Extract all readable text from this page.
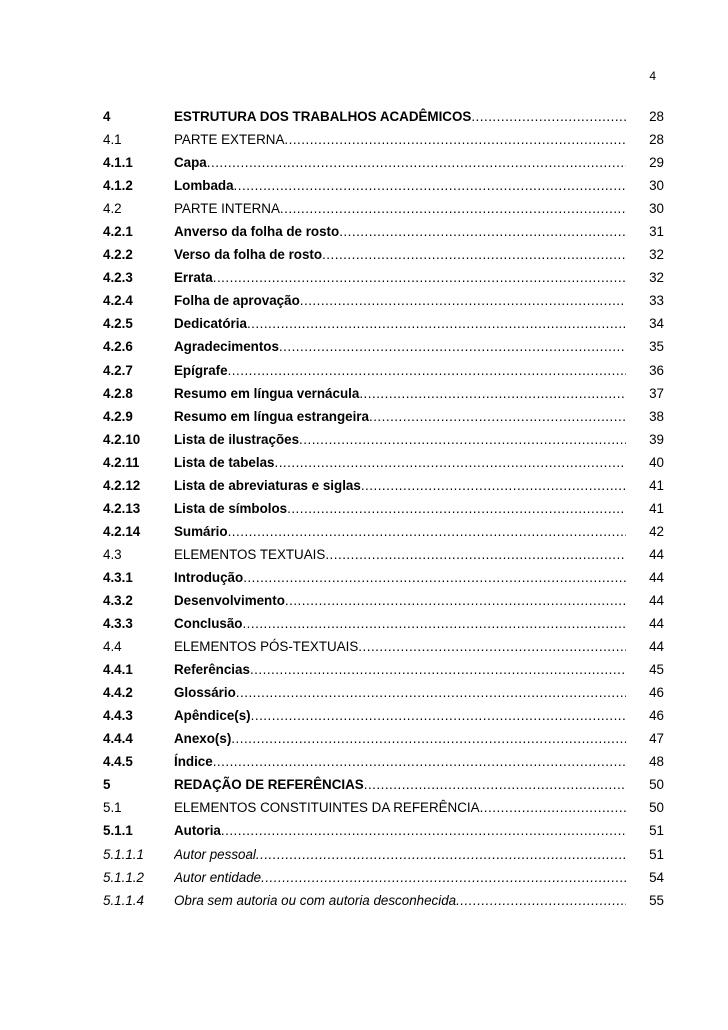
4
4	ESTRUTURA DOS TRABALHOS ACADÊMICOS .....	28
4.1	PARTE EXTERNA .....	28
4.1.1	Capa .....	29
4.1.2	Lombada .....	30
4.2	PARTE INTERNA .....	30
4.2.1	Anverso da folha de rosto .....	31
4.2.2	Verso da folha de rosto .....	32
4.2.3	Errata .....	32
4.2.4	Folha de aprovação .....	33
4.2.5	Dedicatória .....	34
4.2.6	Agradecimentos .....	35
4.2.7	Epígrafe .....	36
4.2.8	Resumo em língua vernácula .....	37
4.2.9	Resumo em língua estrangeira .....	38
4.2.10	Lista de ilustrações .....	39
4.2.11	Lista de tabelas .....	40
4.2.12	Lista de abreviaturas e siglas .....	41
4.2.13	Lista de símbolos .....	41
4.2.14	Sumário .....	42
4.3	ELEMENTOS TEXTUAIS .....	44
4.3.1	Introdução .....	44
4.3.2	Desenvolvimento .....	44
4.3.3	Conclusão .....	44
4.4	ELEMENTOS PÓS-TEXTUAIS .....	44
4.4.1	Referências .....	45
4.4.2	Glossário .....	46
4.4.3	Apêndice(s) .....	46
4.4.4	Anexo(s) .....	47
4.4.5	Índice .....	48
5	REDAÇÃO DE REFERÊNCIAS .....	50
5.1	ELEMENTOS CONSTITUINTES DA REFERÊNCIA .....	50
5.1.1	Autoria .....	51
5.1.1.1	Autor pessoal .....	51
5.1.1.2	Autor entidade .....	54
5.1.1.4	Obra sem autoria ou com autoria desconhecida .....	55
